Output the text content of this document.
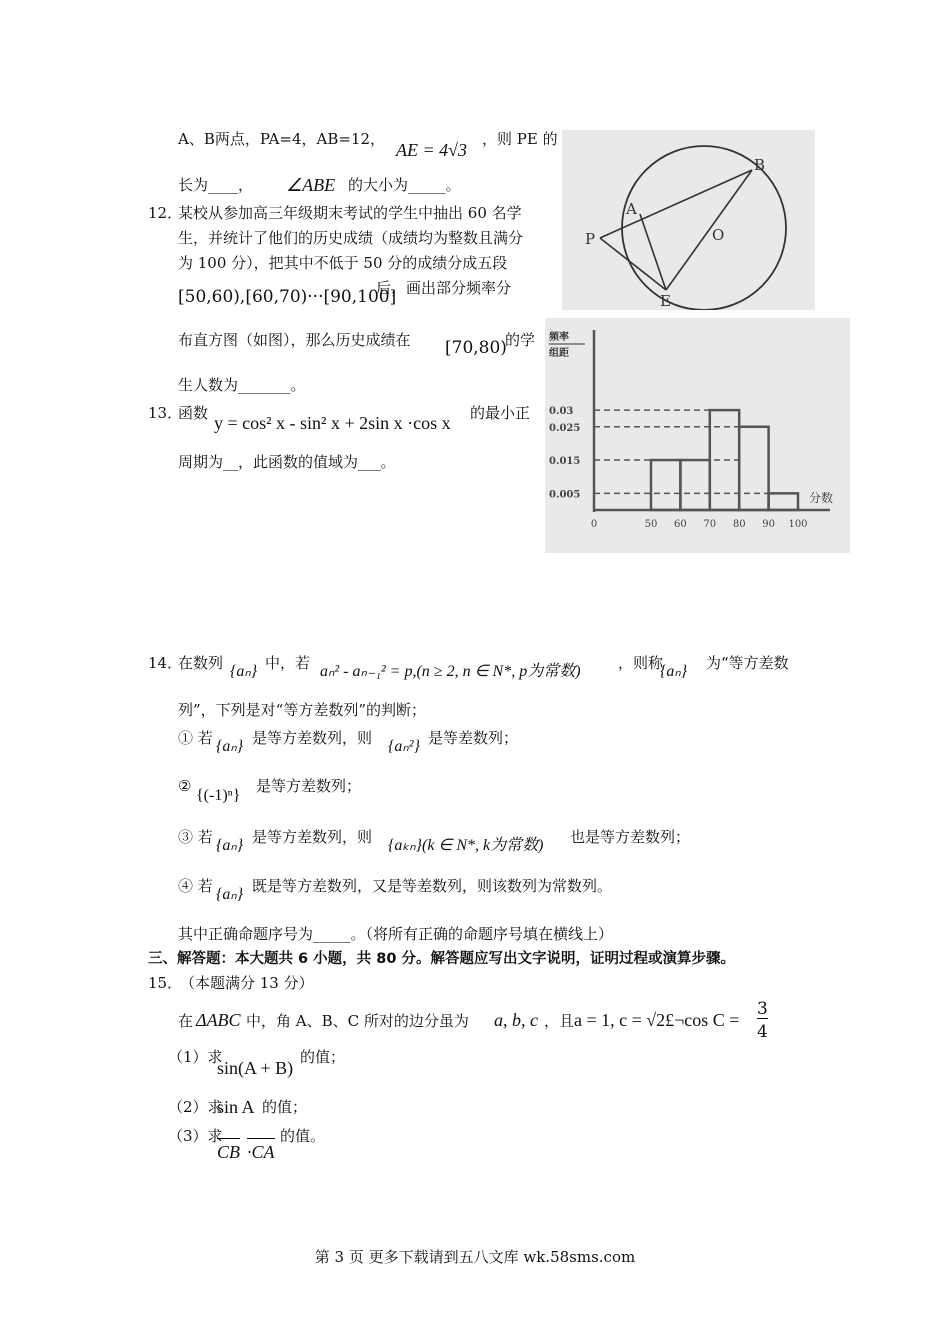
A、B两点，PA=4，AB=12，
AE = 4√3
，则 PE 的
长为____， ∠ABE 的大小为_____。
B
A
P	O
E
12．
某校从参加高三年级期末考试的学生中抽出 60 名学
生，并统计了他们的历史成绩（成绩均为整数且满分
为 100 分），把其中不低于 50 分的成绩分成五段
[50,60),[60,70)···[90,100]
后，画出部分频率分
布直方图（如图），那么历史成绩在 [70,80)
的学
生人数为_______。
频率
组距
分数
0.03
0.025
0.015
0.005
0	50 60 70 80 90 100
13．
函数 y = cos² x - sin² x + 2sin x ·cos x 的最小正
周期为__，此函数的值域为___。
14．
在数列 {aₙ} 中，若 aₙ² - aₙ₋₁² = p,(n ≥ 2, n ∈ N*, p为常数) ，则称
{aₙ} 为“等方差数
列”，下列是对“等方差数列”的判断；
① 若 {aₙ} 是等方差数列，则 {aₙ²} 是等差数列；
②
{(-1)ⁿ}
是等方差数列；
③ 若 {aₙ} 是等方差数列，则 {aₖₙ}(k ∈ N*, k为常数) 也是等方差数列；
④ 若 {aₙ} 既是等方差数列，又是等差数列，则该数列为常数列。
其中正确命题序号为_____。（将所有正确的命题序号填在横线上）
三、解答题：本大题共 6 小题，共 80 分。解答题应写出文字说明，证明过程或演算步骤。
15．
（本题满分 13 分）
在 ΔABC 中，角 A、B、C 所对的边分虽为 a, b, c ，且 a = 1, c = √2£¬cos C =
3
4
（1）求
sin(A + B)
的值；
（2）求
sin A 的值；
（3）求
CB ·CA
的值。
第 3 页 更多下载请到五八文库 wk.58sms.com
